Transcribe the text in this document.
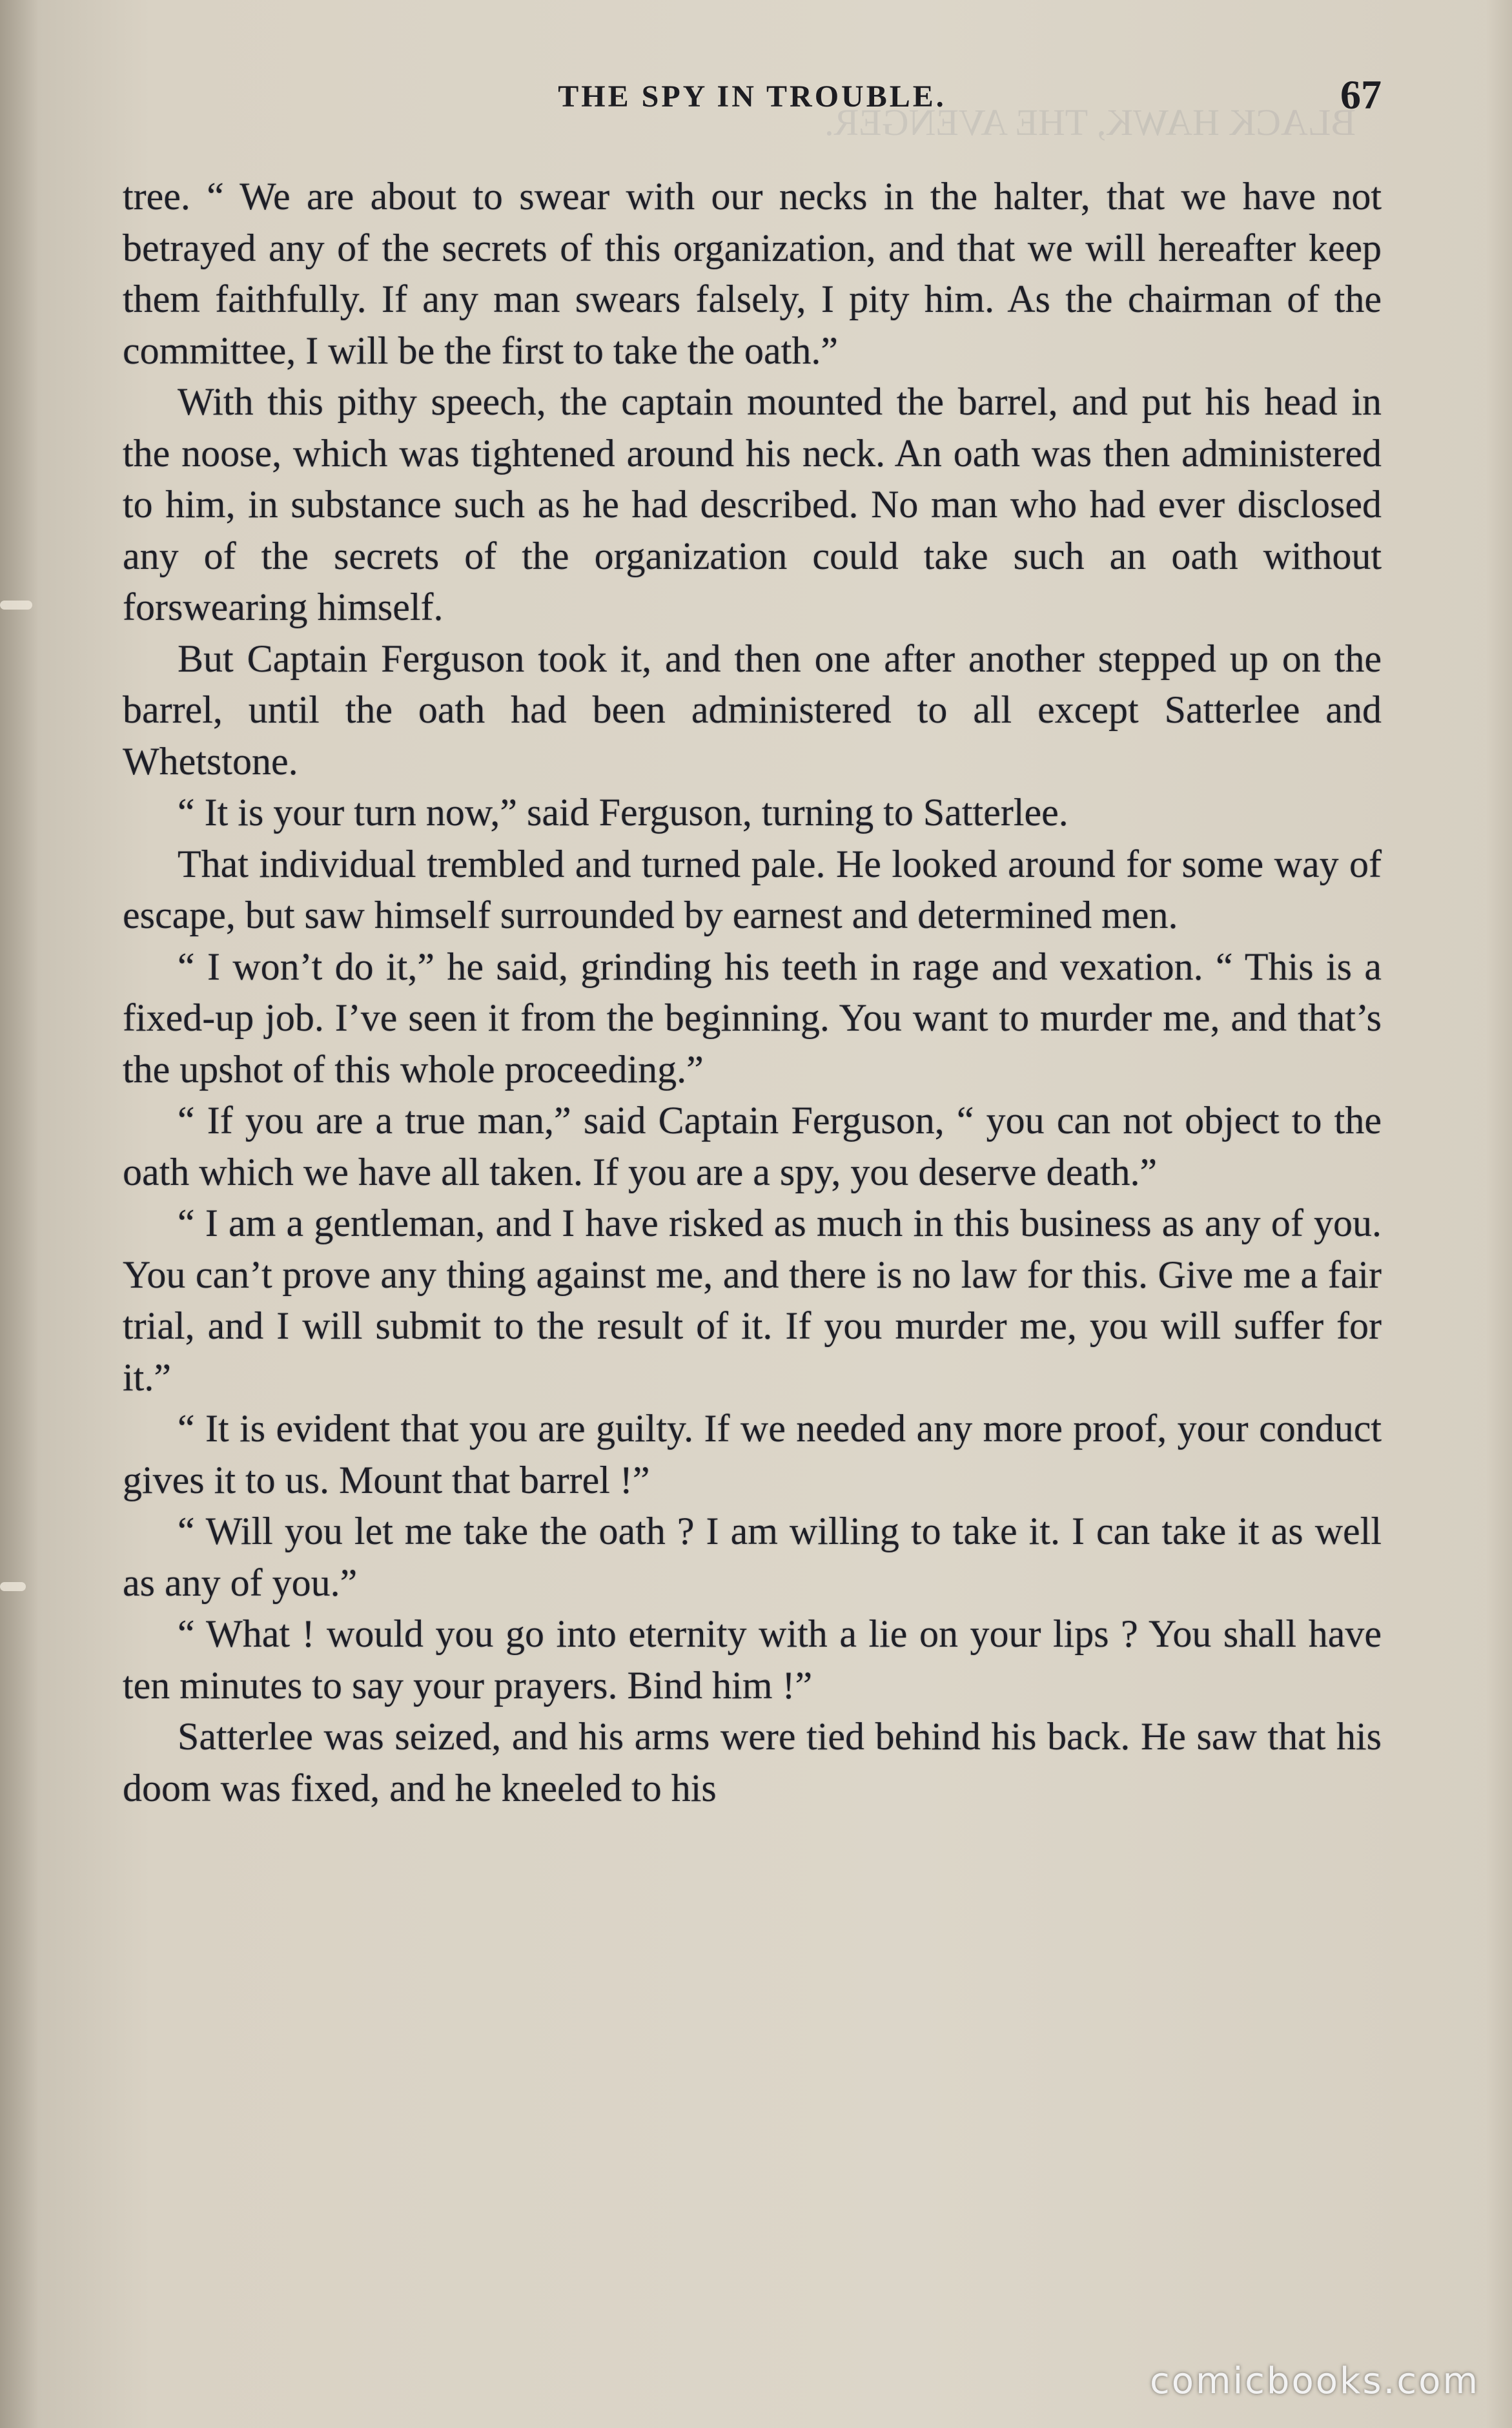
BLACK HAWK, THE AVENGER.
THE SPY IN TROUBLE.	67

tree. “ We are about to swear with our necks in the halter, that we have not betrayed any of the secrets of this organization, and that we will hereafter keep them faithfully. If any man swears falsely, I pity him. As the chairman of the committee, I will be the first to take the oath.”

With this pithy speech, the captain mounted the barrel, and put his head in the noose, which was tightened around his neck. An oath was then administered to him, in substance such as he had described. No man who had ever disclosed any of the secrets of the organization could take such an oath without forswearing himself.

But Captain Ferguson took it, and then one after another stepped up on the barrel, until the oath had been administered to all except Satterlee and Whetstone.

“ It is your turn now,” said Ferguson, turning to Satterlee.

That individual trembled and turned pale. He looked around for some way of escape, but saw himself surrounded by earnest and determined men.

“ I won’t do it,” he said, grinding his teeth in rage and vexation. “ This is a fixed-up job. I’ve seen it from the beginning. You want to murder me, and that’s the upshot of this whole proceeding.”

“ If you are a true man,” said Captain Ferguson, “ you can not object to the oath which we have all taken. If you are a spy, you deserve death.”

“ I am a gentleman, and I have risked as much in this business as any of you. You can’t prove any thing against me, and there is no law for this. Give me a fair trial, and I will submit to the result of it. If you murder me, you will suffer for it.”

“ It is evident that you are guilty. If we needed any more proof, your conduct gives it to us. Mount that barrel !”

“ Will you let me take the oath ? I am willing to take it. I can take it as well as any of you.”

“ What ! would you go into eternity with a lie on your lips ? You shall have ten minutes to say your prayers. Bind him !”

Satterlee was seized, and his arms were tied behind his back. He saw that his doom was fixed, and he kneeled to his

comicbooks.com
